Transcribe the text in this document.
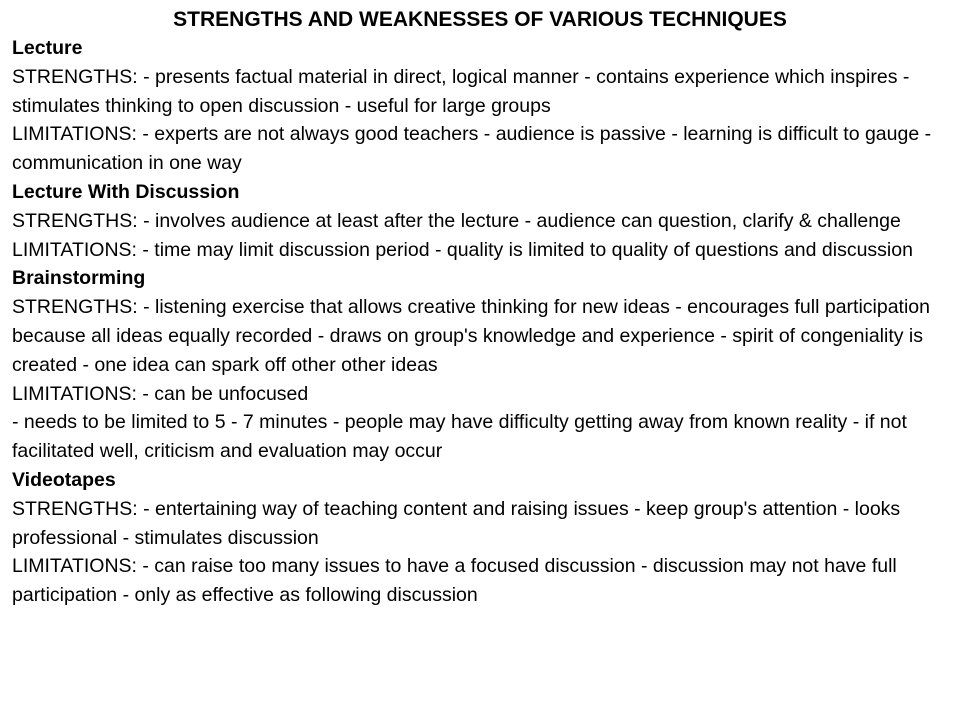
STRENGTHS AND WEAKNESSES OF VARIOUS TECHNIQUES

Lecture

STRENGTHS: - presents factual material in direct, logical manner - contains experience which inspires - stimulates thinking to open discussion - useful for large groups

LIMITATIONS: - experts are not always good teachers - audience is passive - learning is difficult to gauge - communication in one way

Lecture With Discussion

STRENGTHS: - involves audience at least after the lecture - audience can question, clarify & challenge

LIMITATIONS: - time may limit discussion period - quality is limited to quality of questions and discussion

Brainstorming

STRENGTHS: - listening exercise that allows creative thinking for new ideas - encourages full participation because all ideas equally recorded - draws on group's knowledge and experience - spirit of congeniality is created - one idea can spark off other other ideas

LIMITATIONS: - can be unfocused

- needs to be limited to 5 - 7 minutes - people may have difficulty getting away from known reality - if not facilitated well, criticism and evaluation may occur

Videotapes

STRENGTHS: - entertaining way of teaching content and raising issues - keep group's attention - looks professional - stimulates discussion

LIMITATIONS: - can raise too many issues to have a focused discussion - discussion may not have full participation - only as effective as following discussion
